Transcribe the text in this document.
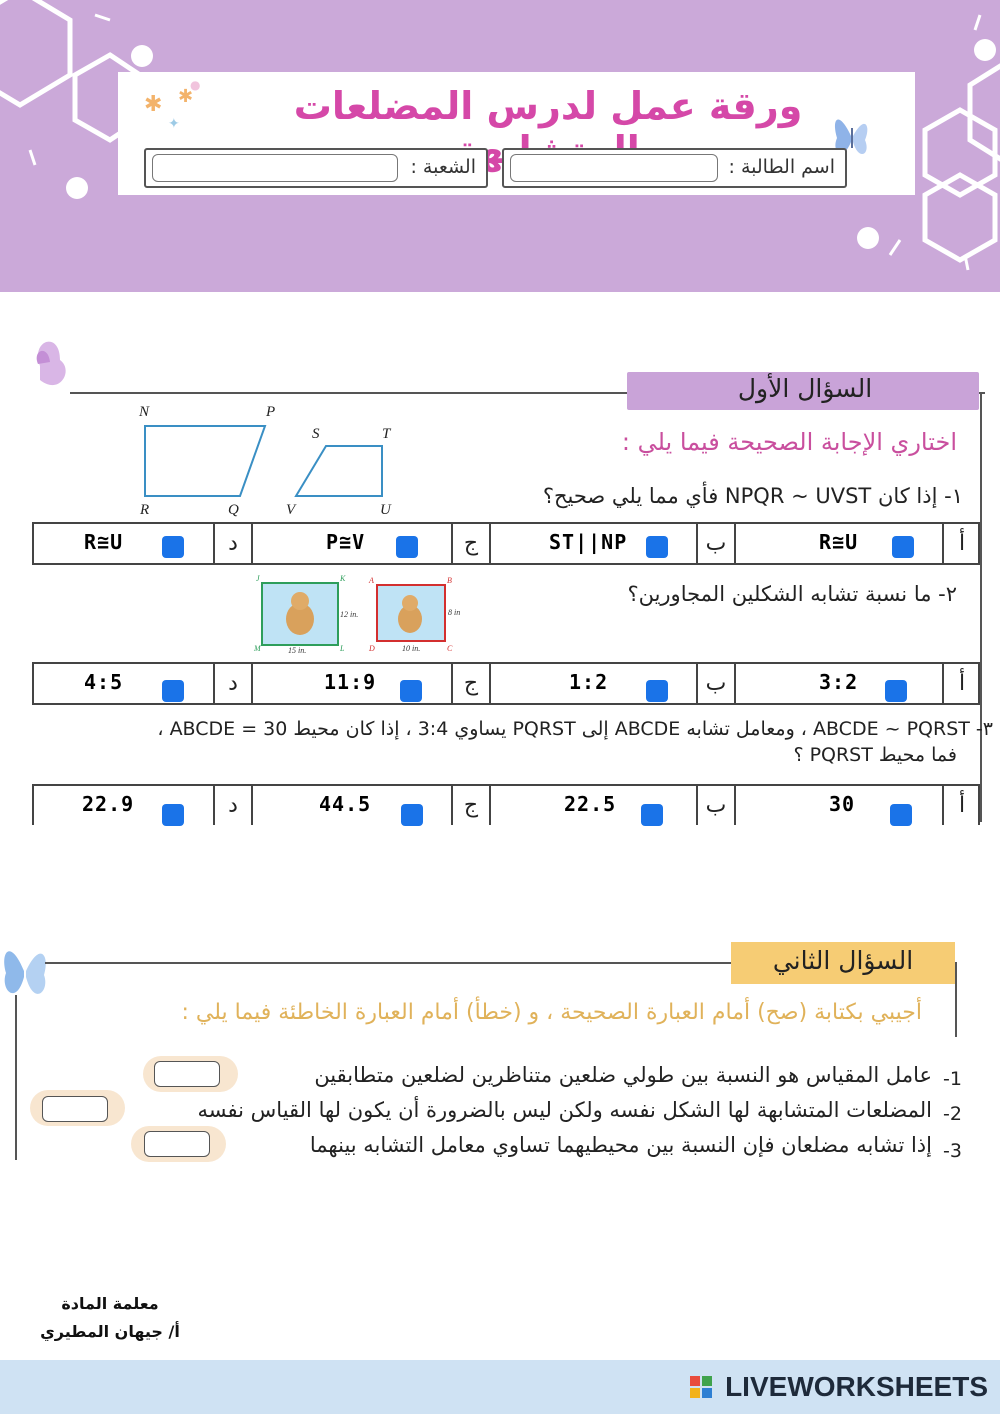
✱ ✱
✦
●	ورقة عمل لدرس المضلعات
اسم الطالبة :
الشعبة :
السؤال الأول
اختاري الإجابة الصحيحة فيما يلي :
N	P
R	Q
S	T
V	U
١- إذا كان NPQR ~ UVST فأي مما يلي صحيح؟
أ
R≅U
ب
ST||NP
ج
P≅V
د
R≅U
J	K
M	L
12 in.
15 in.
A	B
D	C
8 in
10 in.
٢- ما نسبة تشابه الشكلين المجاورين؟
أ
3:2
ب
1:2
ج
11:9
د
4:5
٣- ABCDE ~ PQRST ، ومعامل تشابه ABCDE إلى PQRST يساوي 3:4 ، إذا كان محيط ABCDE = 30 ،
فما محيط PQRST ؟
أ
30
ب
22.5
ج
44.5
د
22.9
السؤال الثاني
أجيبي بكتابة (صح) أمام العبارة الصحيحة ، و (خطأ) أمام العبارة الخاطئة فيما يلي :
-1
عامل المقياس هو النسبة بين طولي ضلعين متناظرين لضلعين متطابقين
-2
المضلعات المتشابهة لها الشكل نفسه ولكن ليس بالضرورة أن يكون لها القياس نفسه
-3
إذا تشابه مضلعان فإن النسبة بين محيطيهما تساوي معامل التشابه بينهما
معلمة المادة
أ/ جيهان المطيري
LIVEWORKSHEETS
